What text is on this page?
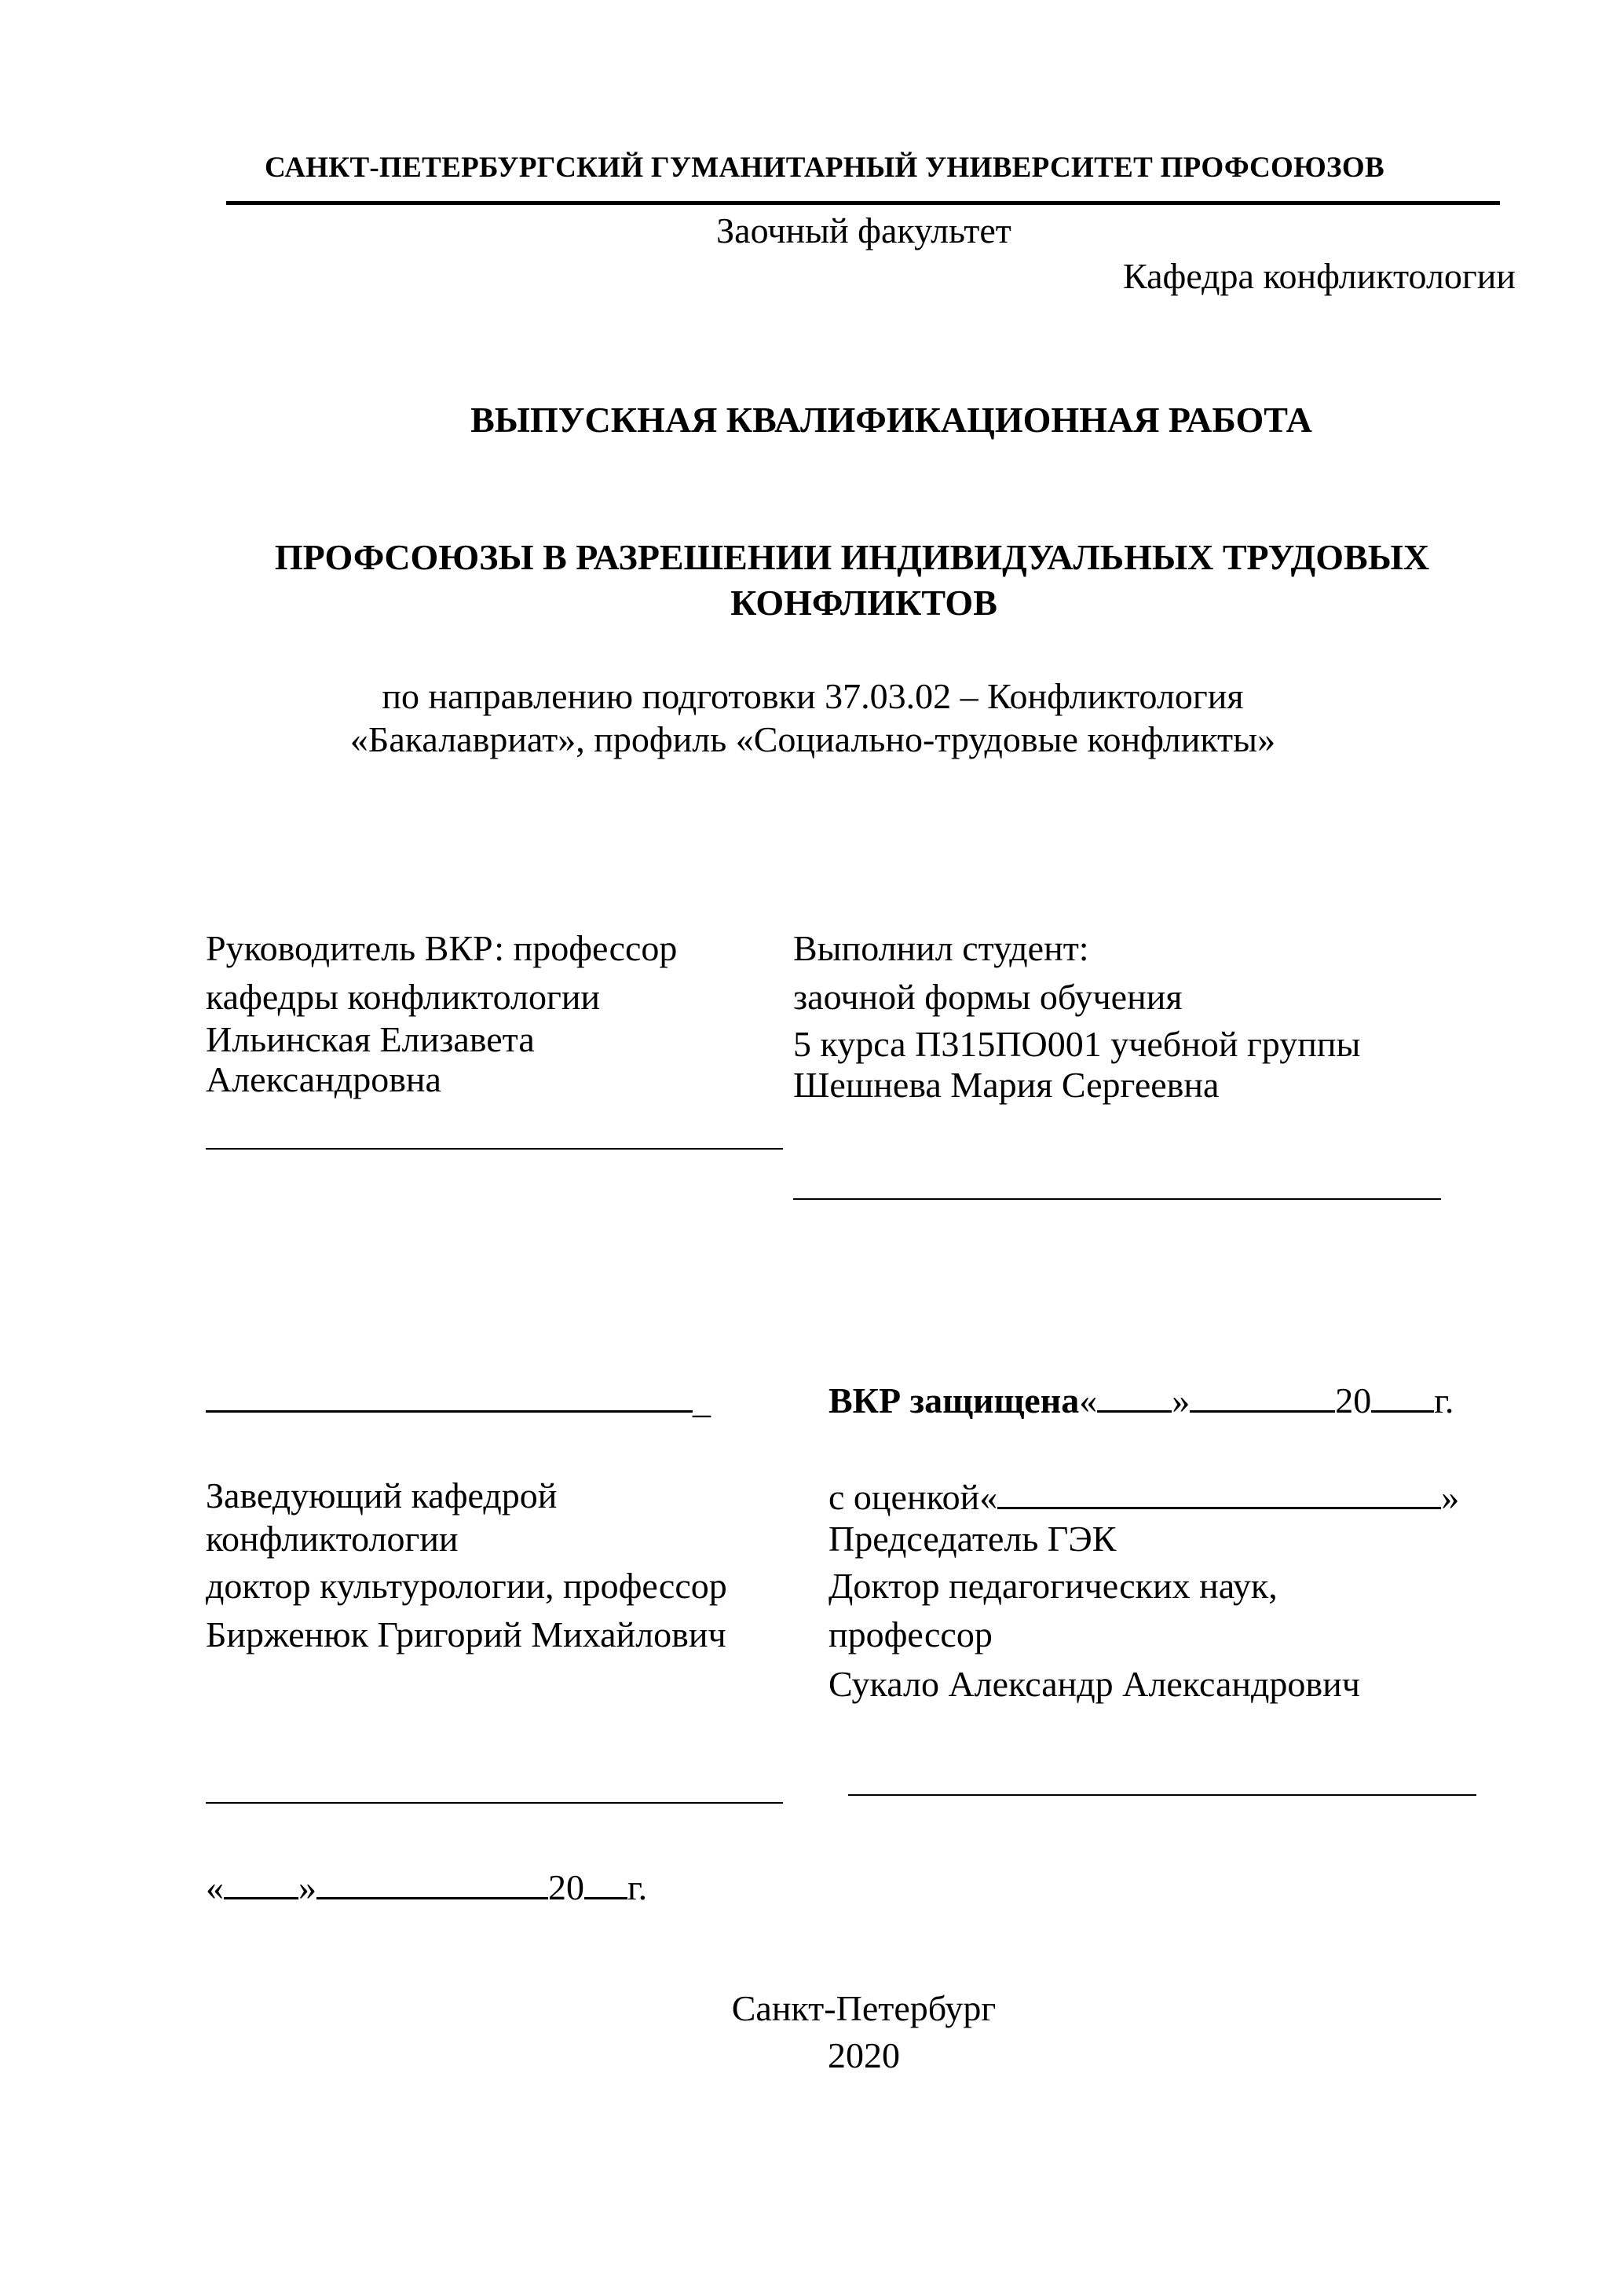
САНКТ-ПЕТЕРБУРГСКИЙ ГУМАНИТАРНЫЙ УНИВЕРСИТЕТ ПРОФСОЮЗОВ
Заочный факультет
Кафедра конфликтологии
ВЫПУСКНАЯ КВАЛИФИКАЦИОННАЯ РАБОТА
ПРОФСОЮЗЫ В РАЗРЕШЕНИИ ИНДИВИДУАЛЬНЫХ ТРУДОВЫХ
КОНФЛИКТОВ
по направлению подготовки 37.03.02 – Конфликтология
«Бакалавриат», профиль «Социально-трудовые конфликты»
Руководитель ВКР: профессор
кафедры конфликтологии
Ильинская Елизавета
Александровна
Выполнил студент:
заочной формы обучения
5 курса П315ПО001 учебной группы
Шешнева Мария Сергеевна
_	ВКР защищена« »	20 г.
Заведующий кафедрой
конфликтологии
доктор культурологии, профессор
Бирженюк Григорий Михайлович
с оценкой«	»
Председатель ГЭК
Доктор педагогических наук,
профессор
Сукало Александр Александрович
« »	20 г.
Санкт-Петербург
2020
